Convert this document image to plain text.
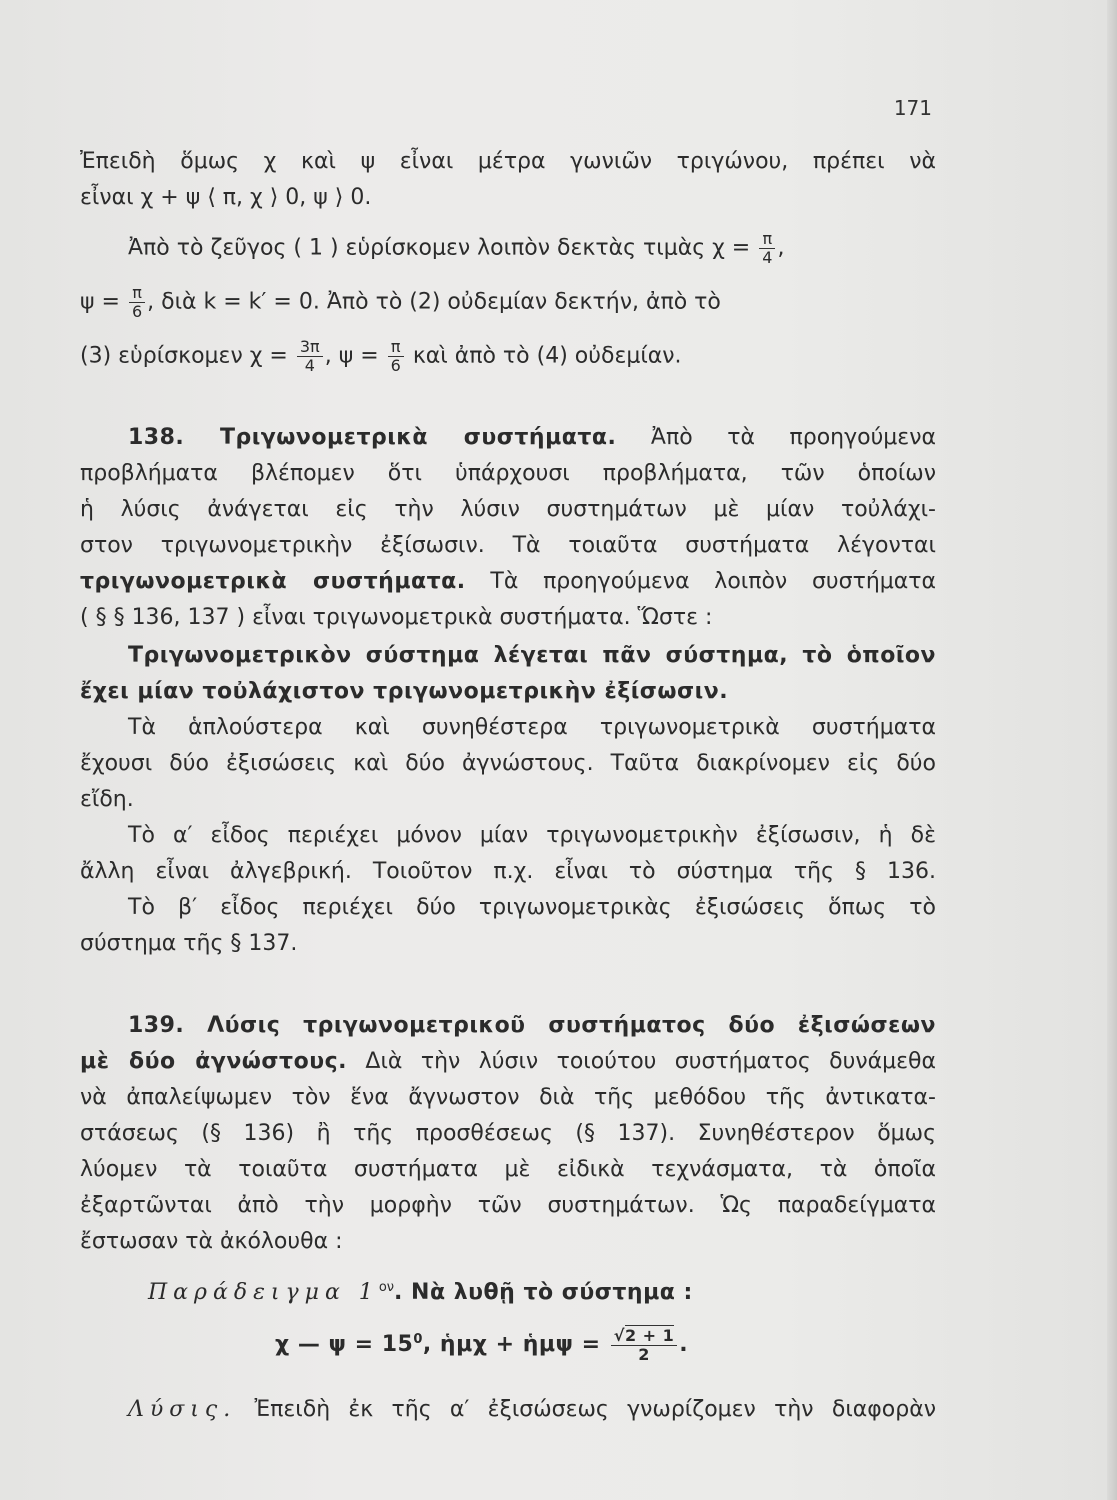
171
Ἐπειδὴ ὅμως χ καὶ ψ εἶναι μέτρα γωνιῶν τριγώνου, πρέπει νὰ
εἶναι χ + ψ ⟨ π, χ ⟩ 0, ψ ⟩ 0.
Ἀπὸ τὸ ζεῦγος ( 1 ) εὑρίσκομεν λοιπὸν δεκτὰς τιμὰς $\chi = \frac{\pi}{4}$ ,
$\psi = \frac{\pi}{6}$ , διὰ k = k′ = 0. Ἀπὸ τὸ (2) οὐδεμίαν δεκτήν, ἀπὸ τὸ
(3) εὑρίσκομεν $\chi = \frac{3\pi}{4}$ , $\psi = \frac{\pi}{6}$ καὶ ἀπὸ τὸ (4) οὐδεμίαν.
138. Τριγωνομετρικὰ συστήματα. Ἀπὸ τὰ προηγούμενα
προβλήματα βλέπομεν ὅτι ὑπάρχουσι προβλήματα, τῶν ὁποίων
ἡ λύσις ἀνάγεται εἰς τὴν λύσιν συστημάτων μὲ μίαν τοὐλάχι-
στον τριγωνομετρικὴν ἐξίσωσιν. Τὰ τοιαῦτα συστήματα λέγονται
τριγωνομετρικὰ συστήματα. Τὰ προηγούμενα λοιπὸν συστήματα
( § § 136, 137 ) εἶναι τριγωνομετρικὰ συστήματα. Ὥστε :
Τριγωνομετρικὸν σύστημα λέγεται πᾶν σύστημα, τὸ ὁποῖον
ἔχει μίαν τοὐλάχιστον τριγωνομετρικὴν ἐξίσωσιν.
Τὰ ἁπλούστερα καὶ συνηθέστερα τριγωνομετρικὰ συστήματα
ἔχουσι δύο ἐξισώσεις καὶ δύο ἀγνώστους. Ταῦτα διακρίνομεν εἰς δύο
εἴδη.
Τὸ α′ εἶδος περιέχει μόνον μίαν τριγωνομετρικὴν ἐξίσωσιν, ἡ δὲ
ἄλλη εἶναι ἀλγεβρική. Τοιοῦτον π.χ. εἶναι τὸ σύστημα τῆς § 136.
Τὸ β′ εἶδος περιέχει δύο τριγωνομετρικὰς ἐξισώσεις ὅπως τὸ
σύστημα τῆς § 137.
139. Λύσις τριγωνομετρικοῦ συστήματος δύο ἐξισώσεων
μὲ δύο ἀγνώστους. Διὰ τὴν λύσιν τοιούτου συστήματος δυνάμεθα
νὰ ἀπαλείψωμεν τὸν ἕνα ἄγνωστον διὰ τῆς μεθόδου τῆς ἀντικατα-
στάσεως (§ 136) ἢ τῆς προσθέσεως (§ 137). Συνηθέστερον ὅμως
λύομεν τὰ τοιαῦτα συστήματα μὲ εἰδικὰ τεχνάσματα, τὰ ὁποῖα
ἐξαρτῶνται ἀπὸ τὴν μορφὴν τῶν συστημάτων. Ὡς παραδείγματα
ἔστωσαν τὰ ἀκόλουθα :
Παράδειγμα $1^{o\nu}$. Νὰ λυθῇ τὸ σύστημα :
χ — $\psi = 15^0$, ἡμχ + ἡμψ = $\frac{√2 + 1}{2}$ .
Λύσις. Ἐπειδὴ ἐκ τῆς α′ ἐξισώσεως γνωρίζομεν τὴν διαφορὰν
